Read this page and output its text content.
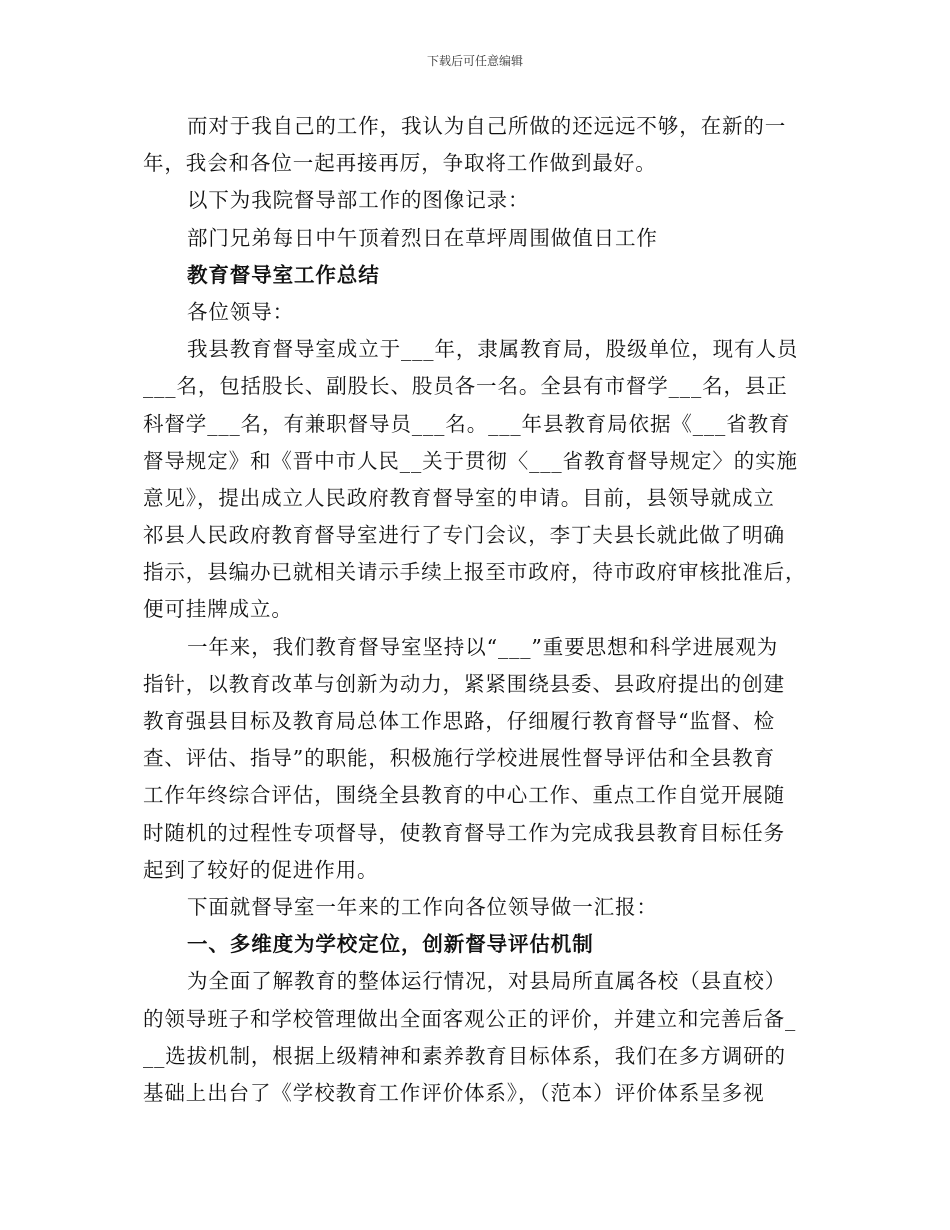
下载后可任意编辑
而对于我自己的工作，我认为自己所做的还远远不够，在新的一
年，我会和各位一起再接再厉，争取将工作做到最好。
以下为我院督导部工作的图像记录：
部门兄弟每日中午顶着烈日在草坪周围做值日工作
教育督导室工作总结
各位领导：
我县教育督导室成立于___年，隶属教育局，股级单位，现有人员
___名，包括股长、副股长、股员各一名。全县有市督学___名，县正
科督学___名，有兼职督导员___名。___年县教育局依据《___省教育
督导规定》和《晋中市人民__关于贯彻〈___省教育督导规定〉的实施
意见》，提出成立人民政府教育督导室的申请。目前，县领导就成立
祁县人民政府教育督导室进行了专门会议，李丁夫县长就此做了明确
指示，县编办已就相关请示手续上报至市政府，待市政府审核批准后，
便可挂牌成立。
一年来，我们教育督导室坚持以“___”重要思想和科学进展观为
指针，以教育改革与创新为动力，紧紧围绕县委、县政府提出的创建
教育强县目标及教育局总体工作思路，仔细履行教育督导“监督、检
查、评估、指导”的职能，积极施行学校进展性督导评估和全县教育
工作年终综合评估，围绕全县教育的中心工作、重点工作自觉开展随
时随机的过程性专项督导，使教育督导工作为完成我县教育目标任务
起到了较好的促进作用。
下面就督导室一年来的工作向各位领导做一汇报：
一、多维度为学校定位，创新督导评估机制
为全面了解教育的整体运行情况，对县局所直属各校（县直校）
的领导班子和学校管理做出全面客观公正的评价，并建立和完善后备_
__选拔机制，根据上级精神和素养教育目标体系，我们在多方调研的
基础上出台了《学校教育工作评价体系》，（范本）评价体系呈多视
